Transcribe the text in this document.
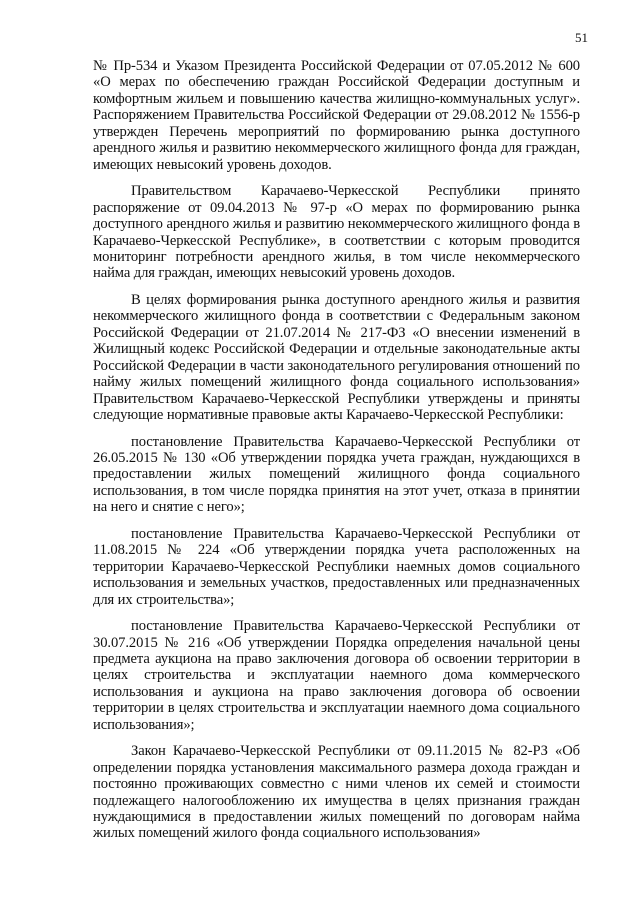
51

№ Пр-534 и Указом Президента Российской Федерации от 07.05.2012 № 600 «О мерах по обеспечению граждан Российской Федерации доступным и комфортным жильем и повышению качества жилищно-коммунальных услуг». Распоряжением Правительства Российской Федерации от 29.08.2012 № 1556-р утвержден Перечень мероприятий по формированию рынка доступного арендного жилья и развитию некоммерческого жилищного фонда для граждан, имеющих невысокий уровень доходов.

Правительством Карачаево-Черкесской Республики принято распоряжение от 09.04.2013 № 97-р «О мерах по формированию рынка доступного арендного жилья и развитию некоммерческого жилищного фонда в Карачаево-Черкесской Республике», в соответствии с которым проводится мониторинг потребности арендного жилья, в том числе некоммерческого найма для граждан, имеющих невысокий уровень доходов.

В целях формирования рынка доступного арендного жилья и развития некоммерческого жилищного фонда в соответствии с Федеральным законом Российской Федерации от 21.07.2014 № 217-ФЗ «О внесении изменений в Жилищный кодекс Российской Федерации и отдельные законодательные акты Российской Федерации в части законодательного регулирования отношений по найму жилых помещений жилищного фонда социального использования» Правительством Карачаево-Черкесской Республики утверждены и приняты следующие нормативные правовые акты Карачаево-Черкесской Республики:

постановление Правительства Карачаево-Черкесской Республики от 26.05.2015 № 130 «Об утверждении порядка учета граждан, нуждающихся в предоставлении жилых помещений жилищного фонда социального использования, в том числе порядка принятия на этот учет, отказа в принятии на него и снятие с него»;

постановление Правительства Карачаево-Черкесской Республики от 11.08.2015 № 224 «Об утверждении порядка учета расположенных на территории Карачаево-Черкесской Республики наемных домов социального использования и земельных участков, предоставленных или предназначенных для их строительства»;

постановление Правительства Карачаево-Черкесской Республики от 30.07.2015 № 216 «Об утверждении Порядка определения начальной цены предмета аукциона на право заключения договора об освоении территории в целях строительства и эксплуатации наемного дома коммерческого использования и аукциона на право заключения договора об освоении территории в целях строительства и эксплуатации наемного дома социального использования»;

Закон Карачаево-Черкесской Республики от 09.11.2015 № 82-РЗ «Об определении порядка установления максимального размера дохода граждан и постоянно проживающих совместно с ними членов их семей и стоимости подлежащего налогообложению их имущества в целях признания граждан нуждающимися в предоставлении жилых помещений по договорам найма жилых помещений жилого фонда социального использования»
